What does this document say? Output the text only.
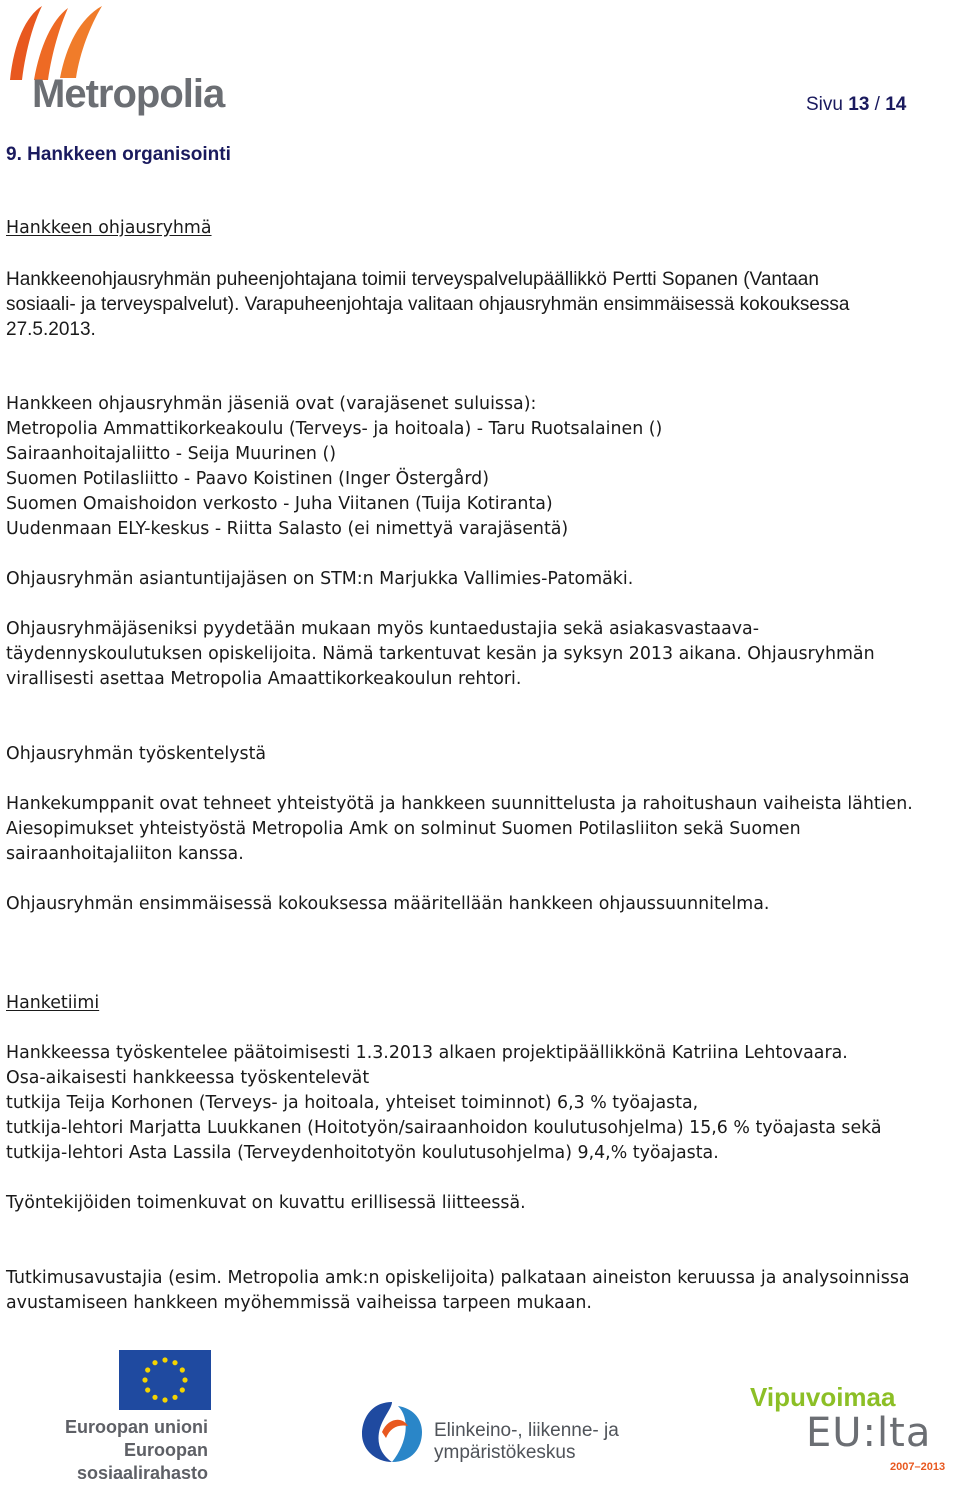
Metropolia	Sivu 13 / 14

9. Hankkeen organisointi

Hankkeen ohjausryhmä

Hankkeenohjausryhmän puheenjohtajana toimii terveyspalvelupäällikkö Pertti Sopanen (Vantaan

sosiaali- ja terveyspalvelut). Varapuheenjohtaja valitaan ohjausryhmän ensimmäisessä kokouksessa

27.5.2013.

Hankkeen ohjausryhmän jäseniä ovat (varajäsenet suluissa):

Metropolia Ammattikorkeakoulu (Terveys- ja hoitoala) - Taru Ruotsalainen ()

Sairaanhoitajaliitto - Seija Muurinen ()

Suomen Potilasliitto - Paavo Koistinen (Inger Östergård)

Suomen Omaishoidon verkosto - Juha Viitanen (Tuija Kotiranta)

Uudenmaan ELY-keskus - Riitta Salasto (ei nimettyä varajäsentä)

Ohjausryhmän asiantuntijajäsen on STM:n Marjukka Vallimies-Patomäki.

Ohjausryhmäjäseniksi pyydetään mukaan myös kuntaedustajia sekä asiakasvastaava-

täydennyskoulutuksen opiskelijoita. Nämä tarkentuvat kesän ja syksyn 2013 aikana. Ohjausryhmän

virallisesti asettaa Metropolia Amaattikorkeakoulun rehtori.

Ohjausryhmän työskentelystä

Hankekumppanit ovat tehneet yhteistyötä ja hankkeen suunnittelusta ja rahoitushaun vaiheista lähtien.

Aiesopimukset yhteistyöstä Metropolia Amk on solminut Suomen Potilasliiton sekä Suomen

sairaanhoitajaliiton kanssa.

Ohjausryhmän ensimmäisessä kokouksessa määritellään hankkeen ohjaussuunnitelma.

Hanketiimi

Hankkeessa työskentelee päätoimisesti 1.3.2013 alkaen projektipäällikkönä Katriina Lehtovaara.

Osa-aikaisesti hankkeessa työskentelevät

tutkija Teija Korhonen (Terveys- ja hoitoala, yhteiset toiminnot) 6,3 % työajasta,

tutkija-lehtori Marjatta Luukkanen (Hoitotyön/sairaanhoidon koulutusohjelma) 15,6 % työajasta sekä

tutkija-lehtori Asta Lassila (Terveydenhoitotyön koulutusohjelma) 9,4,% työajasta.

Työntekijöiden toimenkuvat on kuvattu erillisessä liitteessä.

Tutkimusavustajia (esim. Metropolia amk:n opiskelijoita) palkataan aineiston keruussa ja analysoinnissa

avustamiseen hankkeen myöhemmissä vaiheissa tarpeen mukaan.

Euroopan unioni
Euroopan sosiaalirahasto
Elinkeino-, liikenne- ja
ympäristökeskus
Vipuvoimaa
EU:lta
2007–2013
